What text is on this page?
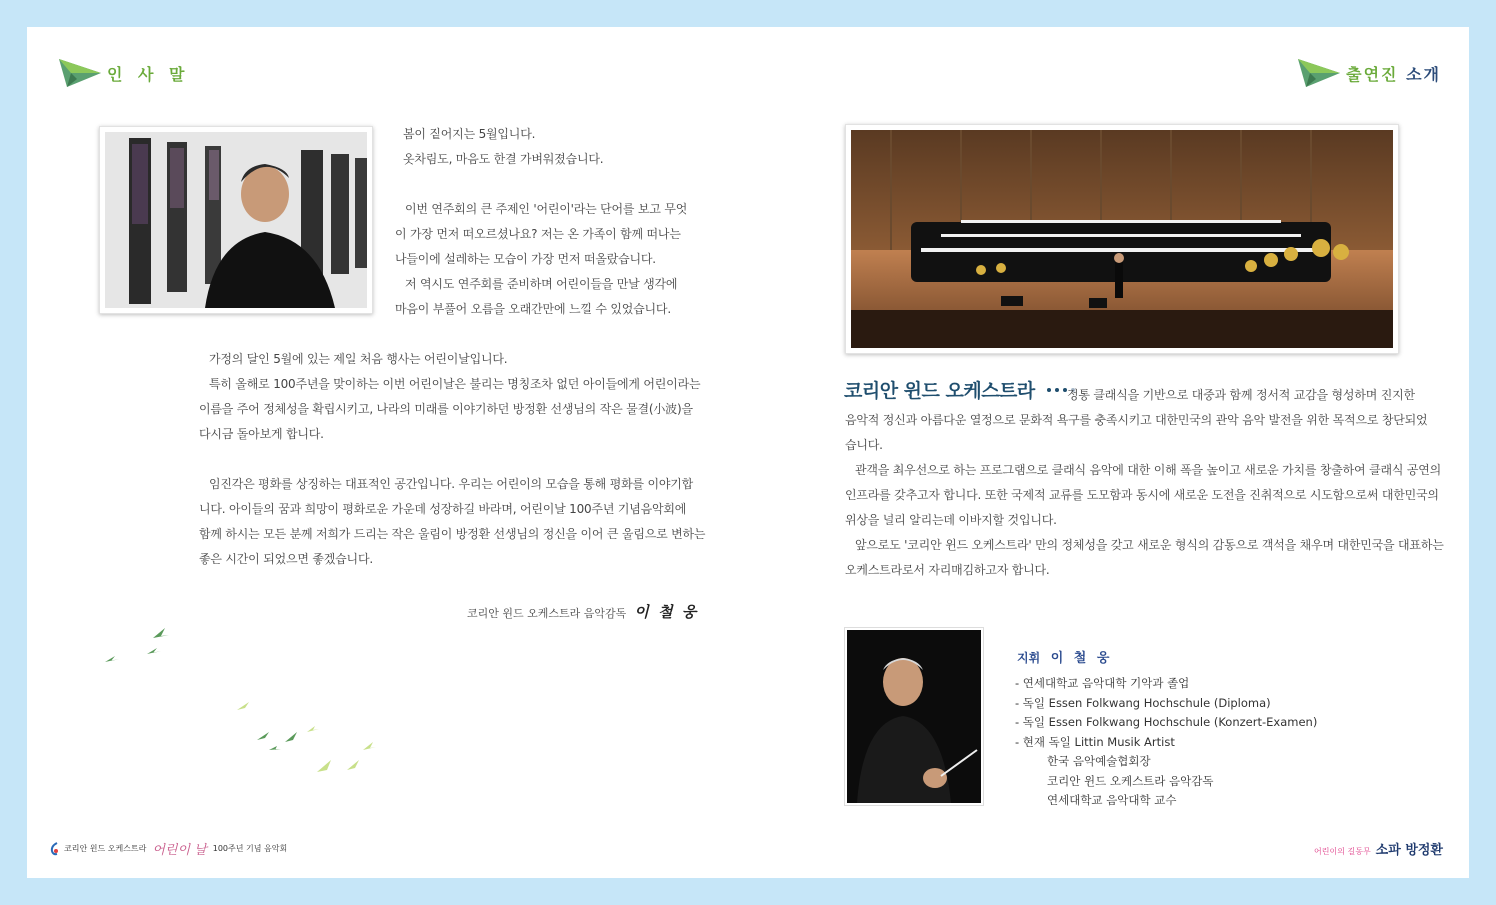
인 사 말

봄이 짙어지는 5월입니다.

옷차림도, 마음도 한결 가벼워졌습니다.

이번 연주회의 큰 주제인 '어린이'라는 단어를 보고 무엇

이 가장 먼저 떠오르셨나요? 저는 온 가족이 함께 떠나는

나들이에 설레하는 모습이 가장 먼저 떠올랐습니다.

저 역시도 연주회를 준비하며 어린이들을 만날 생각에

마음이 부풀어 오름을 오래간만에 느낄 수 있었습니다.

가정의 달인 5월에 있는 제일 처음 행사는 어린이날입니다.

특히 올해로 100주년을 맞이하는 이번 어린이날은 불리는 명칭조차 없던 아이들에게 어린이라는

이름을 주어 정체성을 확립시키고, 나라의 미래를 이야기하던 방정환 선생님의 작은 물결(小波)을

다시금 돌아보게 합니다.

임진각은 평화를 상징하는 대표적인 공간입니다. 우리는 어린이의 모습을 통해 평화를 이야기합

니다. 아이들의 꿈과 희망이 평화로운 가운데 성장하길 바라며, 어린이날 100주년 기념음악회에

함께 하시는 모든 분께 저희가 드리는 작은 울림이 방정환 선생님의 정신을 이어 큰 울림으로 변하는

좋은 시간이 되었으면 좋겠습니다.

코리안 윈드 오케스트라 음악감독 이 철 웅
코리안 윈드 오케스트라 어린이 날 100주년 기념 음악회
출연진 소개
코리안 윈드 오케스트라	정통 클래식을 기반으로 대중과 함께 정서적 교감을 형성하며 진지한

음악적 정신과 아름다운 열정으로 문화적 욕구를 충족시키고 대한민국의 관악 음악 발전을 위한 목적으로 창단되었

습니다.

관객을 최우선으로 하는 프로그램으로 클래식 음악에 대한 이해 폭을 높이고 새로운 가치를 창출하여 클래식 공연의

인프라를 갖추고자 합니다. 또한 국제적 교류를 도모함과 동시에 새로운 도전을 진취적으로 시도함으로써 대한민국의

위상을 널리 알리는데 이바지할 것입니다.

앞으로도 '코리안 윈드 오케스트라' 만의 정체성을 갖고 새로운 형식의 감동으로 객석을 채우며 대한민국을 대표하는

오케스트라로서 자리매김하고자 합니다.

지휘 이 철 웅

- 연세대학교 음악대학 기악과 졸업

- 독일 Essen Folkwang Hochschule (Diploma)

- 독일 Essen Folkwang Hochschule (Konzert-Examen)

- 현재 독일 Littin Musik Artist

한국 음악예술협회장

코리안 윈드 오케스트라 음악감독

연세대학교 음악대학 교수

어린이의 길동무 소파 방정환
